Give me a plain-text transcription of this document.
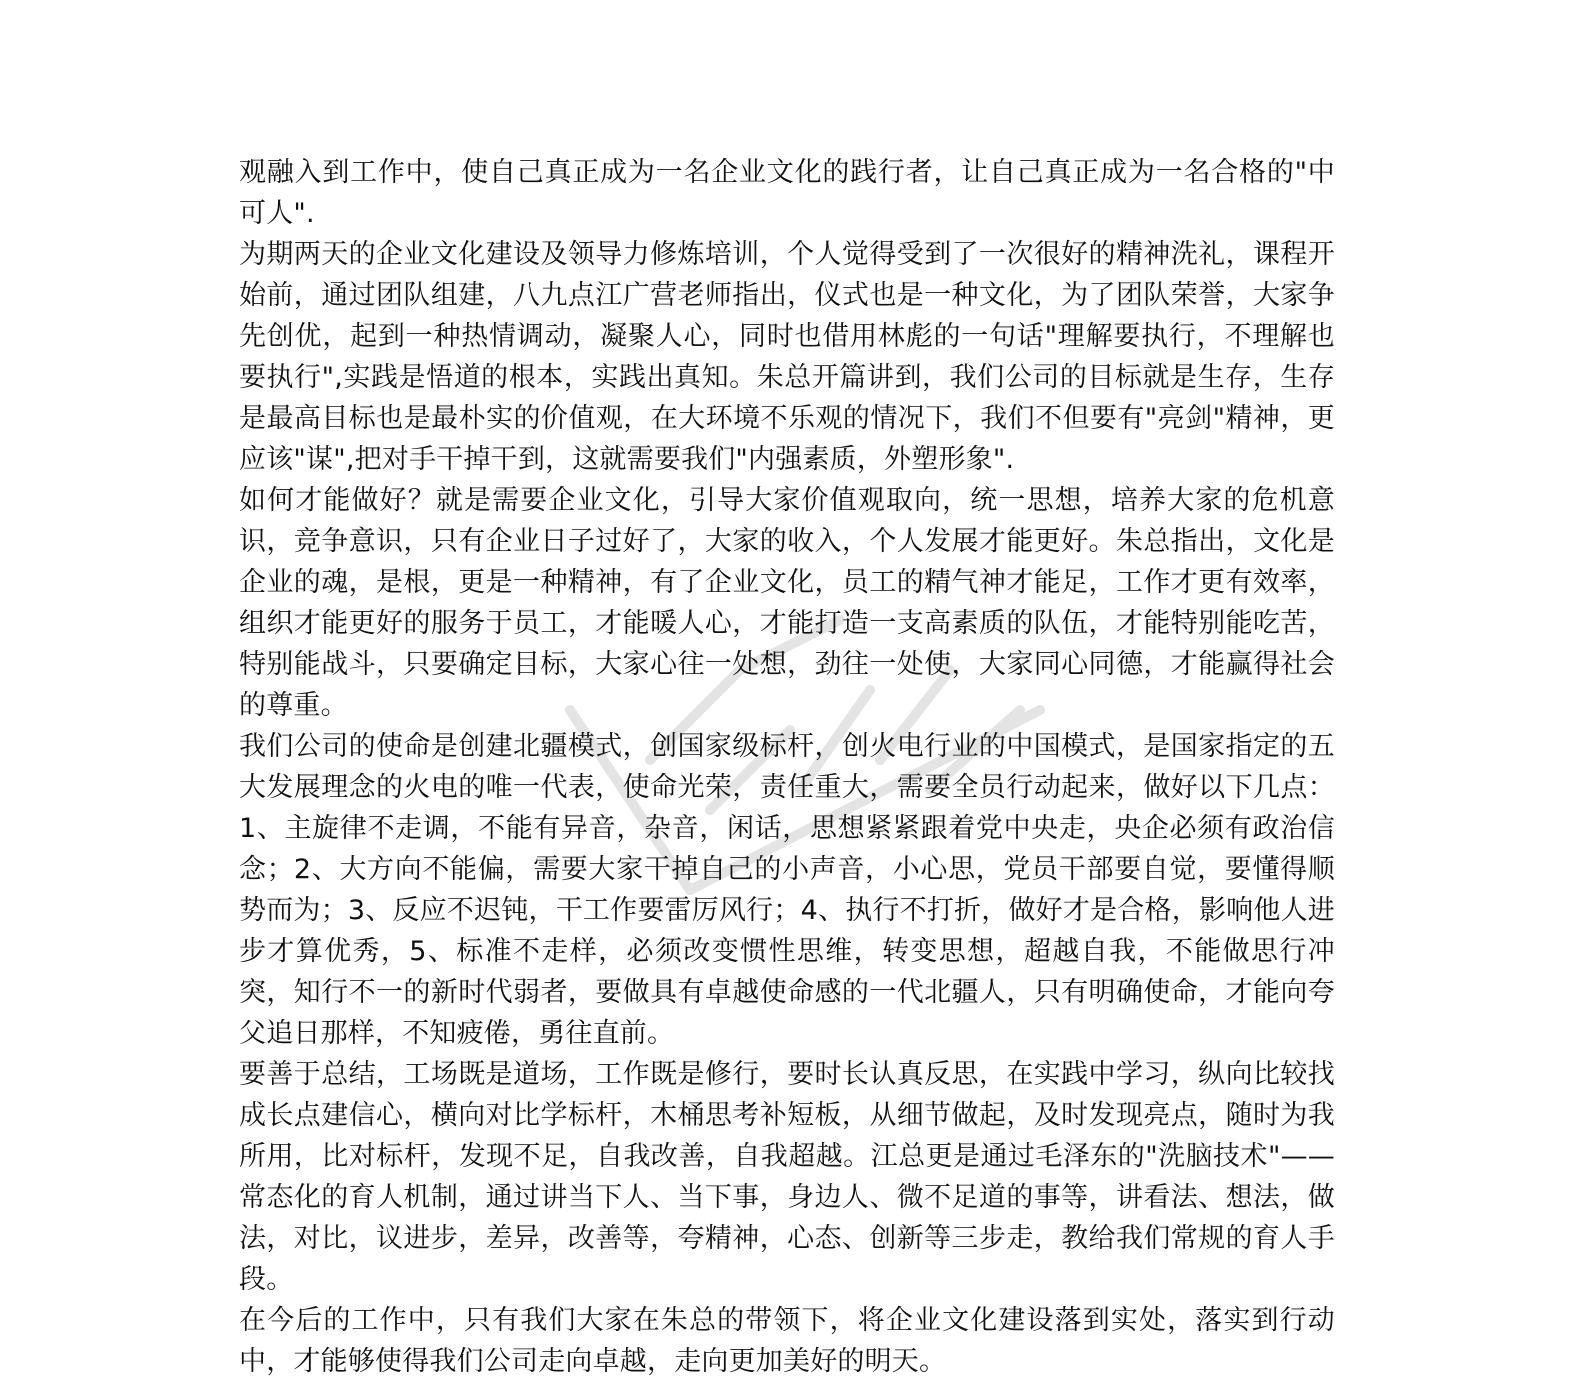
观融入到工作中，使自己真正成为一名企业文化的践行者，让自己真正成为一名合格的"中可人".

为期两天的企业文化建设及领导力修炼培训，个人觉得受到了一次很好的精神洗礼，课程开始前，通过团队组建，八九点江广营老师指出，仪式也是一种文化，为了团队荣誉，大家争先创优，起到一种热情调动，凝聚人心，同时也借用林彪的一句话"理解要执行，不理解也要执行",实践是悟道的根本，实践出真知。朱总开篇讲到，我们公司的目标就是生存，生存是最高目标也是最朴实的价值观，在大环境不乐观的情况下，我们不但要有"亮剑"精神，更应该"谋",把对手干掉干到，这就需要我们"内强素质，外塑形象".

如何才能做好？就是需要企业文化，引导大家价值观取向，统一思想，培养大家的危机意识，竞争意识，只有企业日子过好了，大家的收入，个人发展才能更好。朱总指出，文化是企业的魂，是根，更是一种精神，有了企业文化，员工的精气神才能足，工作才更有效率，组织才能更好的服务于员工，才能暖人心，才能打造一支高素质的队伍，才能特别能吃苦，特别能战斗，只要确定目标，大家心往一处想，劲往一处使，大家同心同德，才能赢得社会的尊重。

我们公司的使命是创建北疆模式，创国家级标杆，创火电行业的中国模式，是国家指定的五大发展理念的火电的唯一代表，使命光荣，责任重大，需要全员行动起来，做好以下几点：1、主旋律不走调，不能有异音，杂音，闲话，思想紧紧跟着党中央走，央企必须有政治信念；2、大方向不能偏，需要大家干掉自己的小声音，小心思，党员干部要自觉，要懂得顺势而为；3、反应不迟钝，干工作要雷厉风行；4、执行不打折，做好才是合格，影响他人进步才算优秀，5、标准不走样，必须改变惯性思维，转变思想，超越自我，不能做思行冲突，知行不一的新时代弱者，要做具有卓越使命感的一代北疆人，只有明确使命，才能向夸父追日那样，不知疲倦，勇往直前。

要善于总结，工场既是道场，工作既是修行，要时长认真反思，在实践中学习，纵向比较找成长点建信心，横向对比学标杆，木桶思考补短板，从细节做起，及时发现亮点，随时为我所用，比对标杆，发现不足，自我改善，自我超越。江总更是通过毛泽东的"洗脑技术"——常态化的育人机制，通过讲当下人、当下事，身边人、微不足道的事等，讲看法、想法，做法，对比，议进步，差异，改善等，夸精神，心态、创新等三步走，教给我们常规的育人手段。

在今后的工作中，只有我们大家在朱总的带领下，将企业文化建设落到实处，落实到行动中，才能够使得我们公司走向卓越，走向更加美好的明天。
